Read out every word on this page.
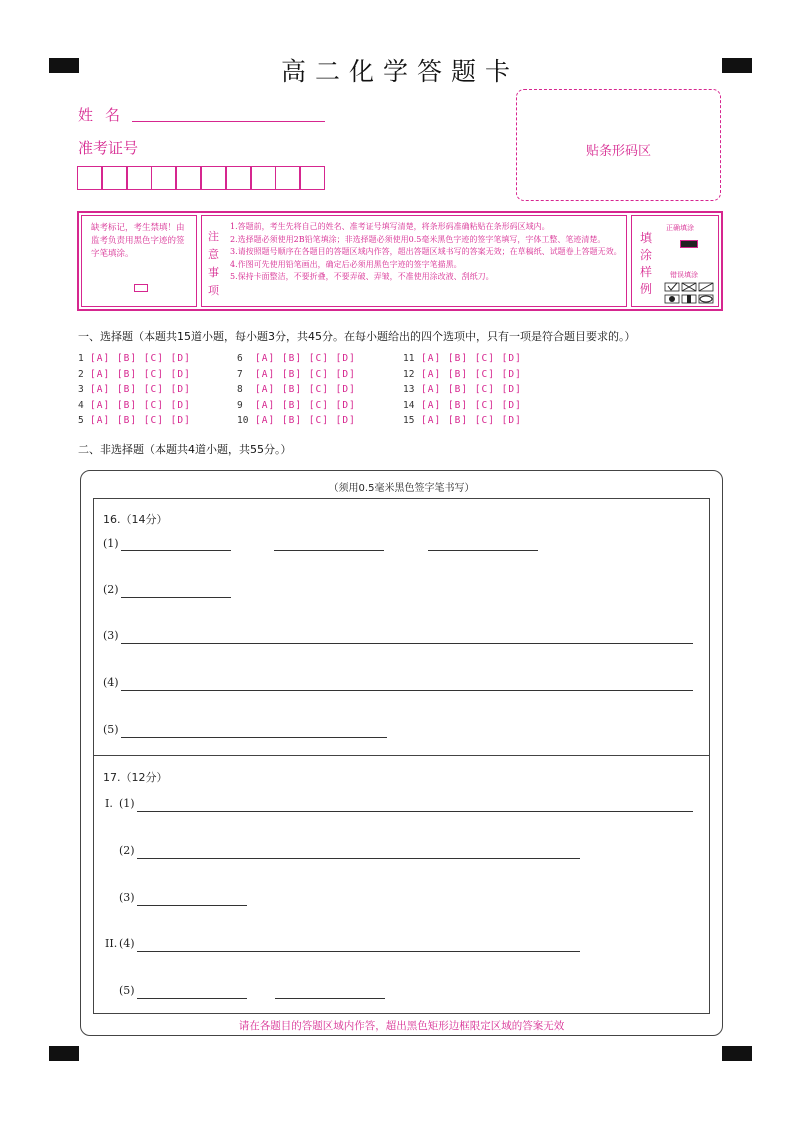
高二化学答题卡
姓名
准考证号	贴条形码区

缺考标记，考生禁填！由监考负责用黑色字迹的签字笔填涂。

注意事项
1.答题前，考生先将自己的姓名、准考证号填写清楚，将条形码准确粘贴在条形码区域内。
2.选择题必须使用2B铅笔填涂；非选择题必须使用0.5毫米黑色字迹的签字笔填写，字体工整、笔迹清楚。
3.请按照题号顺序在各题目的答题区域内作答，超出答题区域书写的答案无效；在草稿纸、试题卷上答题无效。
4.作图可先使用铅笔画出，确定后必须用黑色字迹的签字笔描黑。
5.保持卡面整洁，不要折叠，不要弄破、弄皱，不准使用涂改液、刮纸刀。
填涂样例
正确填涂
错误填涂
一、选择题（本题共15道小题，每小题3分，共45分。在每小题给出的四个选项中，只有一项是符合题目要求的。）
1 [A] [B] [C] [D]
2 [A] [B] [C] [D]
3 [A] [B] [C] [D]
4 [A] [B] [C] [D]
5 [A] [B] [C] [D]
6 [A] [B] [C] [D]
7 [A] [B] [C] [D]
8 [A] [B] [C] [D]
9 [A] [B] [C] [D]
10 [A] [B] [C] [D]
11 [A] [B] [C] [D]
12 [A] [B] [C] [D]
13 [A] [B] [C] [D]
14 [A] [B] [C] [D]
15 [A] [B] [C] [D]
二、非选择题（本题共4道小题，共55分。）
（须用0.5毫米黑色签字笔书写）
16.（14分）
(1)
(2)
(3)
(4)
(5)
17.（12分）
I. (1)
(2)
(3)
II. (4)
(5)
请在各题目的答题区域内作答，超出黑色矩形边框限定区域的答案无效
